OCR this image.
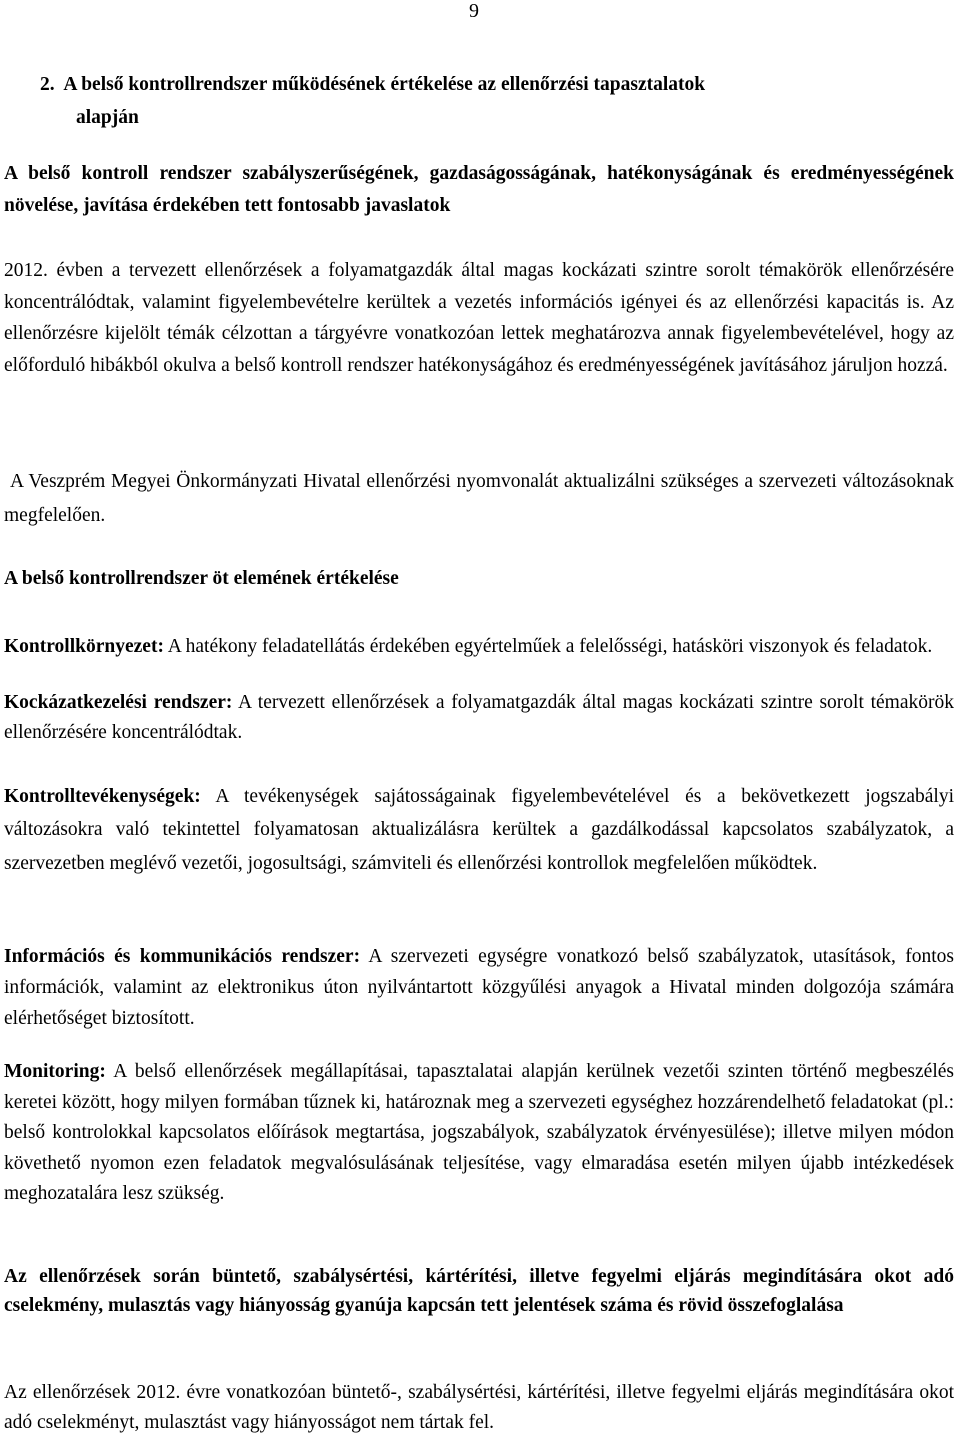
9

2. A belső kontrollrendszer működésének értékelése az ellenőrzési tapasztalatok
alapján

A belső kontroll rendszer szabályszerűségének, gazdaságosságának, hatékonyságának és eredményességének növelése, javítása érdekében tett fontosabb javaslatok

2012. évben a tervezett ellenőrzések a folyamatgazdák által magas kockázati szintre sorolt témakörök ellenőrzésére koncentrálódtak, valamint figyelembevételre kerültek a vezetés információs igényei és az ellenőrzési kapacitás is. Az ellenőrzésre kijelölt témák célzottan a tárgyévre vonatkozóan lettek meghatározva annak figyelembevételével, hogy az előforduló hibákból okulva a belső kontroll rendszer hatékonyságához és eredményességének javításához járuljon hozzá.

A Veszprém Megyei Önkormányzati Hivatal ellenőrzési nyomvonalát aktualizálni szükséges a szervezeti változásoknak megfelelően.

A belső kontrollrendszer öt elemének értékelése

Kontrollkörnyezet: A hatékony feladatellátás érdekében egyértelműek a felelősségi, hatásköri viszonyok és feladatok.

Kockázatkezelési rendszer: A tervezett ellenőrzések a folyamatgazdák által magas kockázati szintre sorolt témakörök ellenőrzésére koncentrálódtak.

Kontrolltevékenységek: A tevékenységek sajátosságainak figyelembevételével és a bekövetkezett jogszabályi változásokra való tekintettel folyamatosan aktualizálásra kerültek a gazdálkodással kapcsolatos szabályzatok, a szervezetben meglévő vezetői, jogosultsági, számviteli és ellenőrzési kontrollok megfelelően működtek.

Információs és kommunikációs rendszer: A szervezeti egységre vonatkozó belső szabályzatok, utasítások, fontos információk, valamint az elektronikus úton nyilvántartott közgyűlési anyagok a Hivatal minden dolgozója számára elérhetőséget biztosított.

Monitoring: A belső ellenőrzések megállapításai, tapasztalatai alapján kerülnek vezetői szinten történő megbeszélés keretei között, hogy milyen formában tűznek ki, határoznak meg a szervezeti egységhez hozzárendelhető feladatokat (pl.: belső kontrolokkal kapcsolatos előírások megtartása, jogszabályok, szabályzatok érvényesülése); illetve milyen módon követhető nyomon ezen feladatok megvalósulásának teljesítése, vagy elmaradása esetén milyen újabb intézkedések meghozatalára lesz szükség.

Az ellenőrzések során büntető, szabálysértési, kártérítési, illetve fegyelmi eljárás megindítására okot adó cselekmény, mulasztás vagy hiányosság gyanúja kapcsán tett jelentések száma és rövid összefoglalása

Az ellenőrzések 2012. évre vonatkozóan büntető-, szabálysértési, kártérítési, illetve fegyelmi eljárás megindítására okot adó cselekményt, mulasztást vagy hiányosságot nem tártak fel.
